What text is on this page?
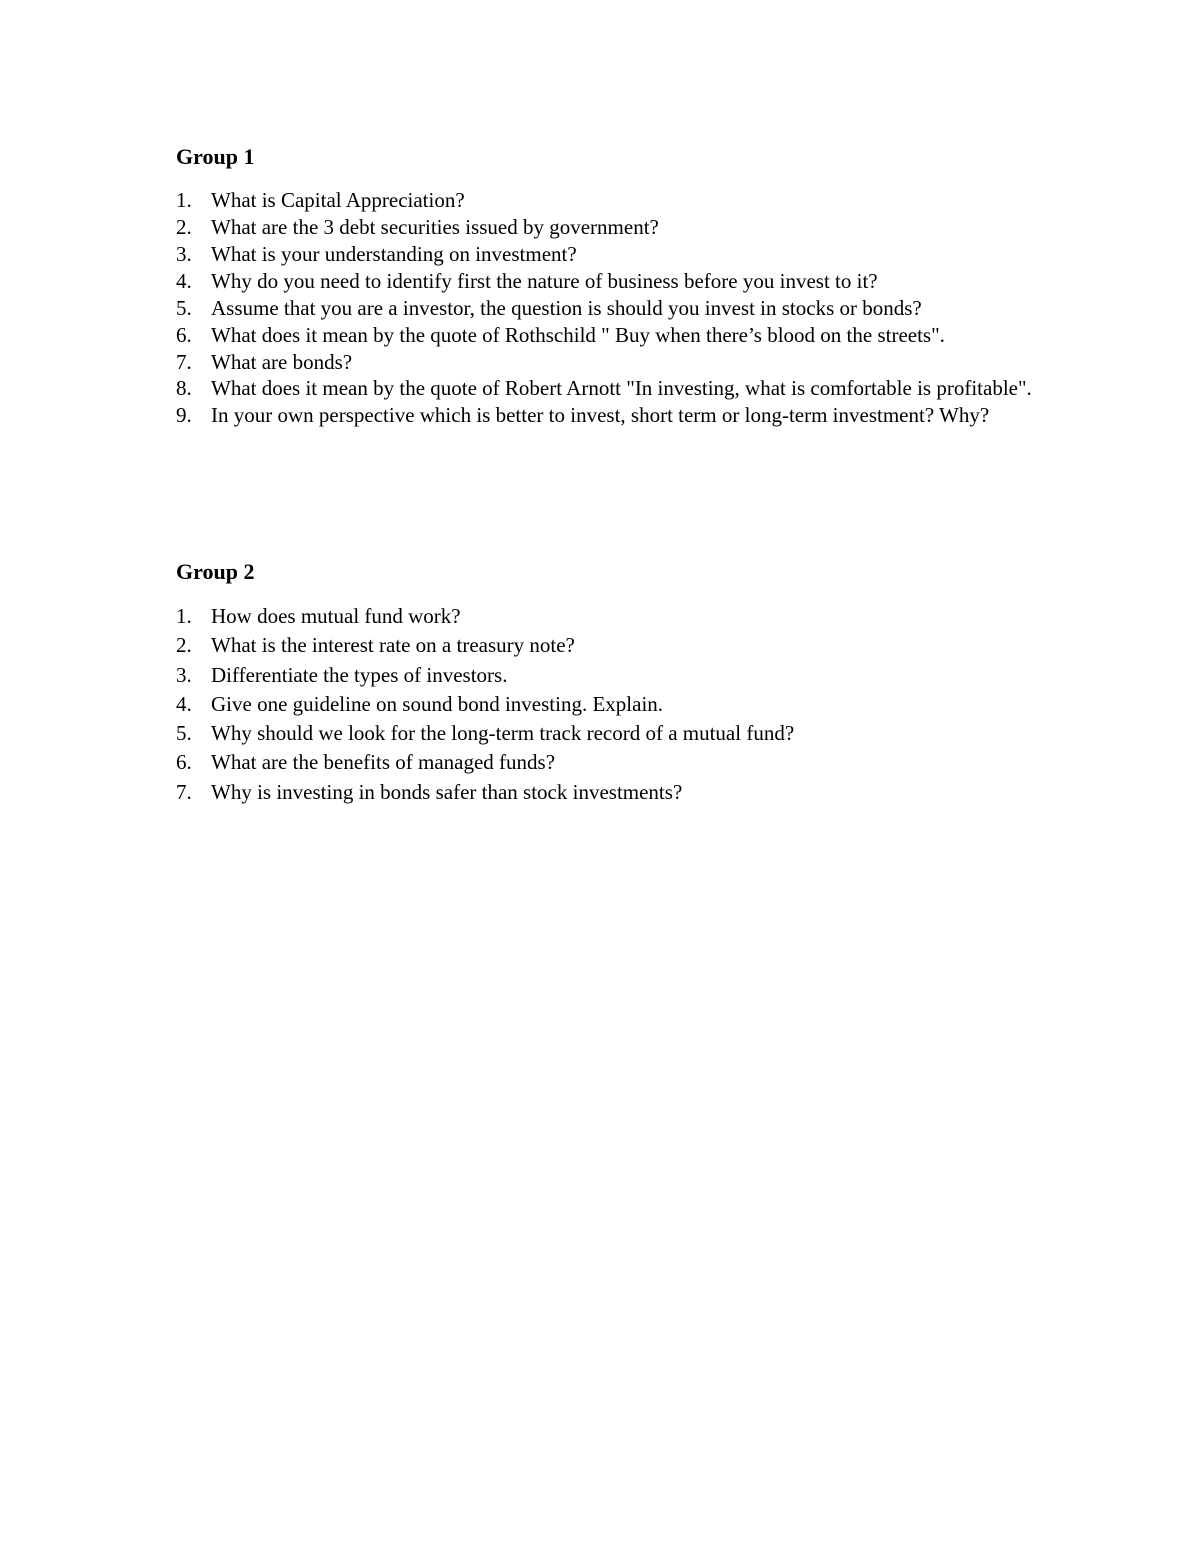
Group 1
1. What is Capital Appreciation?
2. What are the 3 debt securities issued by government?
3. What is your understanding on investment?
4. Why do you need to identify first the nature of business before you invest to it?
5. Assume that you are a investor, the question is should you invest in stocks or bonds?
6. What does it mean by the quote of Rothschild " Buy when there’s blood on the streets".
7. What are bonds?
8. What does it mean by the quote of Robert Arnott "In investing, what is comfortable is profitable".
9. In your own perspective which is better to invest, short term or long-term investment? Why?
Group 2
1. How does mutual fund work?
2. What is the interest rate on a treasury note?
3. Differentiate the types of investors.
4. Give one guideline on sound bond investing. Explain.
5. Why should we look for the long-term track record of a mutual fund?
6. What are the benefits of managed funds?
7. Why is investing in bonds safer than stock investments?
